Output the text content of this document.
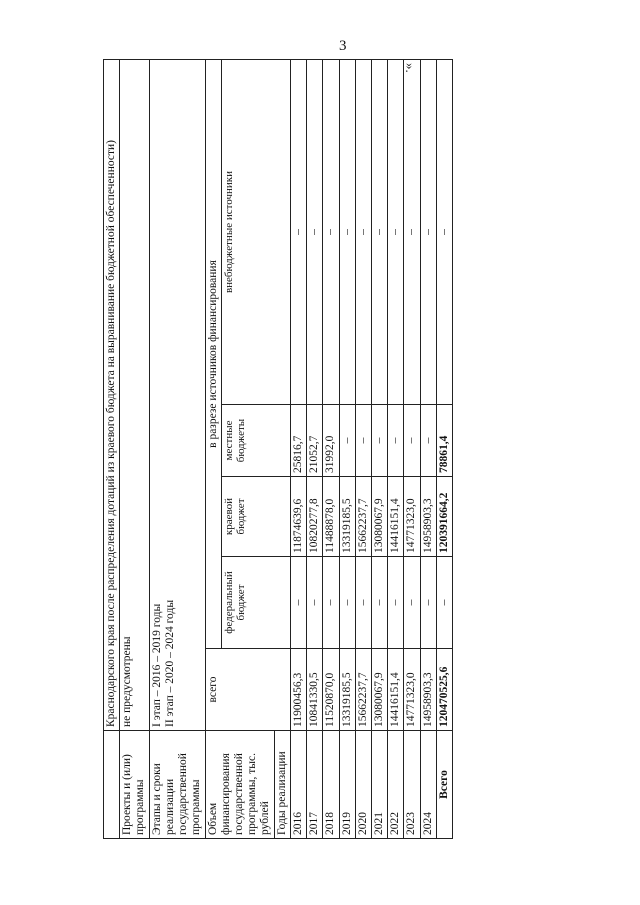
3
».
	Краснодарского края после распределения дотаций из краевого бюджета на выравнивание бюджетной обеспеченности)				
Проекты и (или) программы	не предусмотрены				
Этапы и сроки реализации государственной программы	I этап – 2016 – 2019 годы II этап – 2020 – 2024 годы				

Объем финансирования государственной программы, тыс. рублей	всего	в разрезе источников финансирования			
		федеральный бюджет	краевой бюджет	местные бюджеты	внебюджетные источники
Годы реализации					
2016	11900456,3	–	11874639,6	25816,7	–
2017	10841330,5	–	10820277,8	21052,7	–
2018	11520870,0	–	11488878,0	31992,0	–
2019	13319185,5	–	13319185,5	–	–
2020	15662237,7	–	15662237,7	–	–
2021	13080067,9	–	13080067,9	–	–
2022	14416151,4	–	14416151,4	–	–
2023	14771323,0	–	14771323,0	–	–
2024	14958903,3	–	14958903,3	–	–
Всего	120470525,6	–	120391664,2	78861,4	–
